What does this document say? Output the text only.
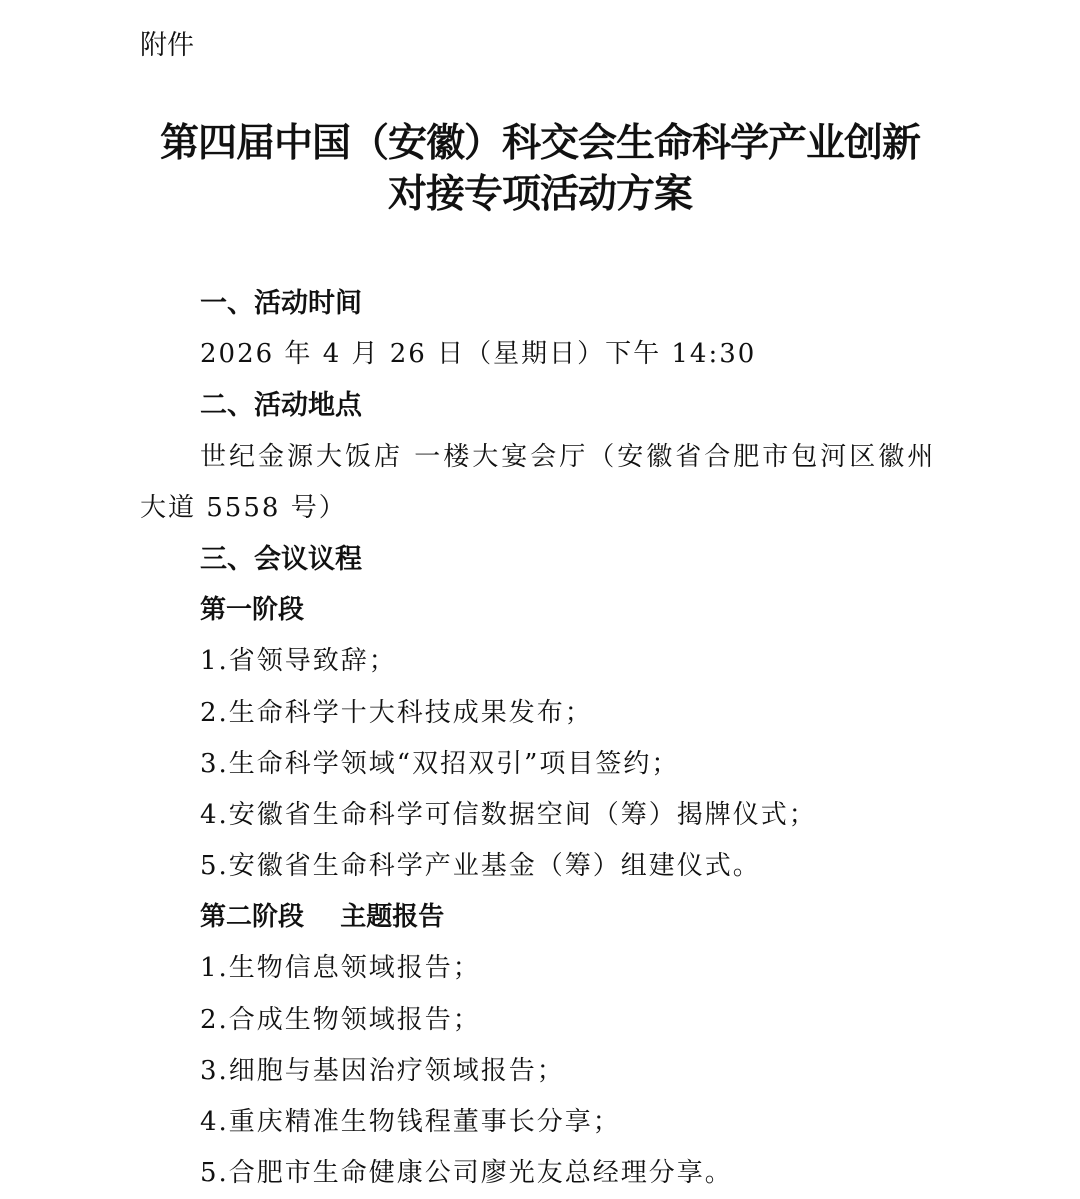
附件
第四届中国（安徽）科交会生命科学产业创新
对接专项活动方案
一、活动时间
2026 年 4 月 26 日（星期日）下午 14:30
二、活动地点
世纪金源大饭店 一楼大宴会厅（安徽省合肥市包河区徽州
大道 5558 号）
三、会议议程
第一阶段
1.省领导致辞；
2.生命科学十大科技成果发布；
3.生命科学领域“双招双引”项目签约；
4.安徽省生命科学可信数据空间（筹）揭牌仪式；
5.安徽省生命科学产业基金（筹）组建仪式。
第二阶段    主题报告
1.生物信息领域报告；
2.合成生物领域报告；
3.细胞与基因治疗领域报告；
4.重庆精准生物钱程董事长分享；
5.合肥市生命健康公司廖光友总经理分享。
